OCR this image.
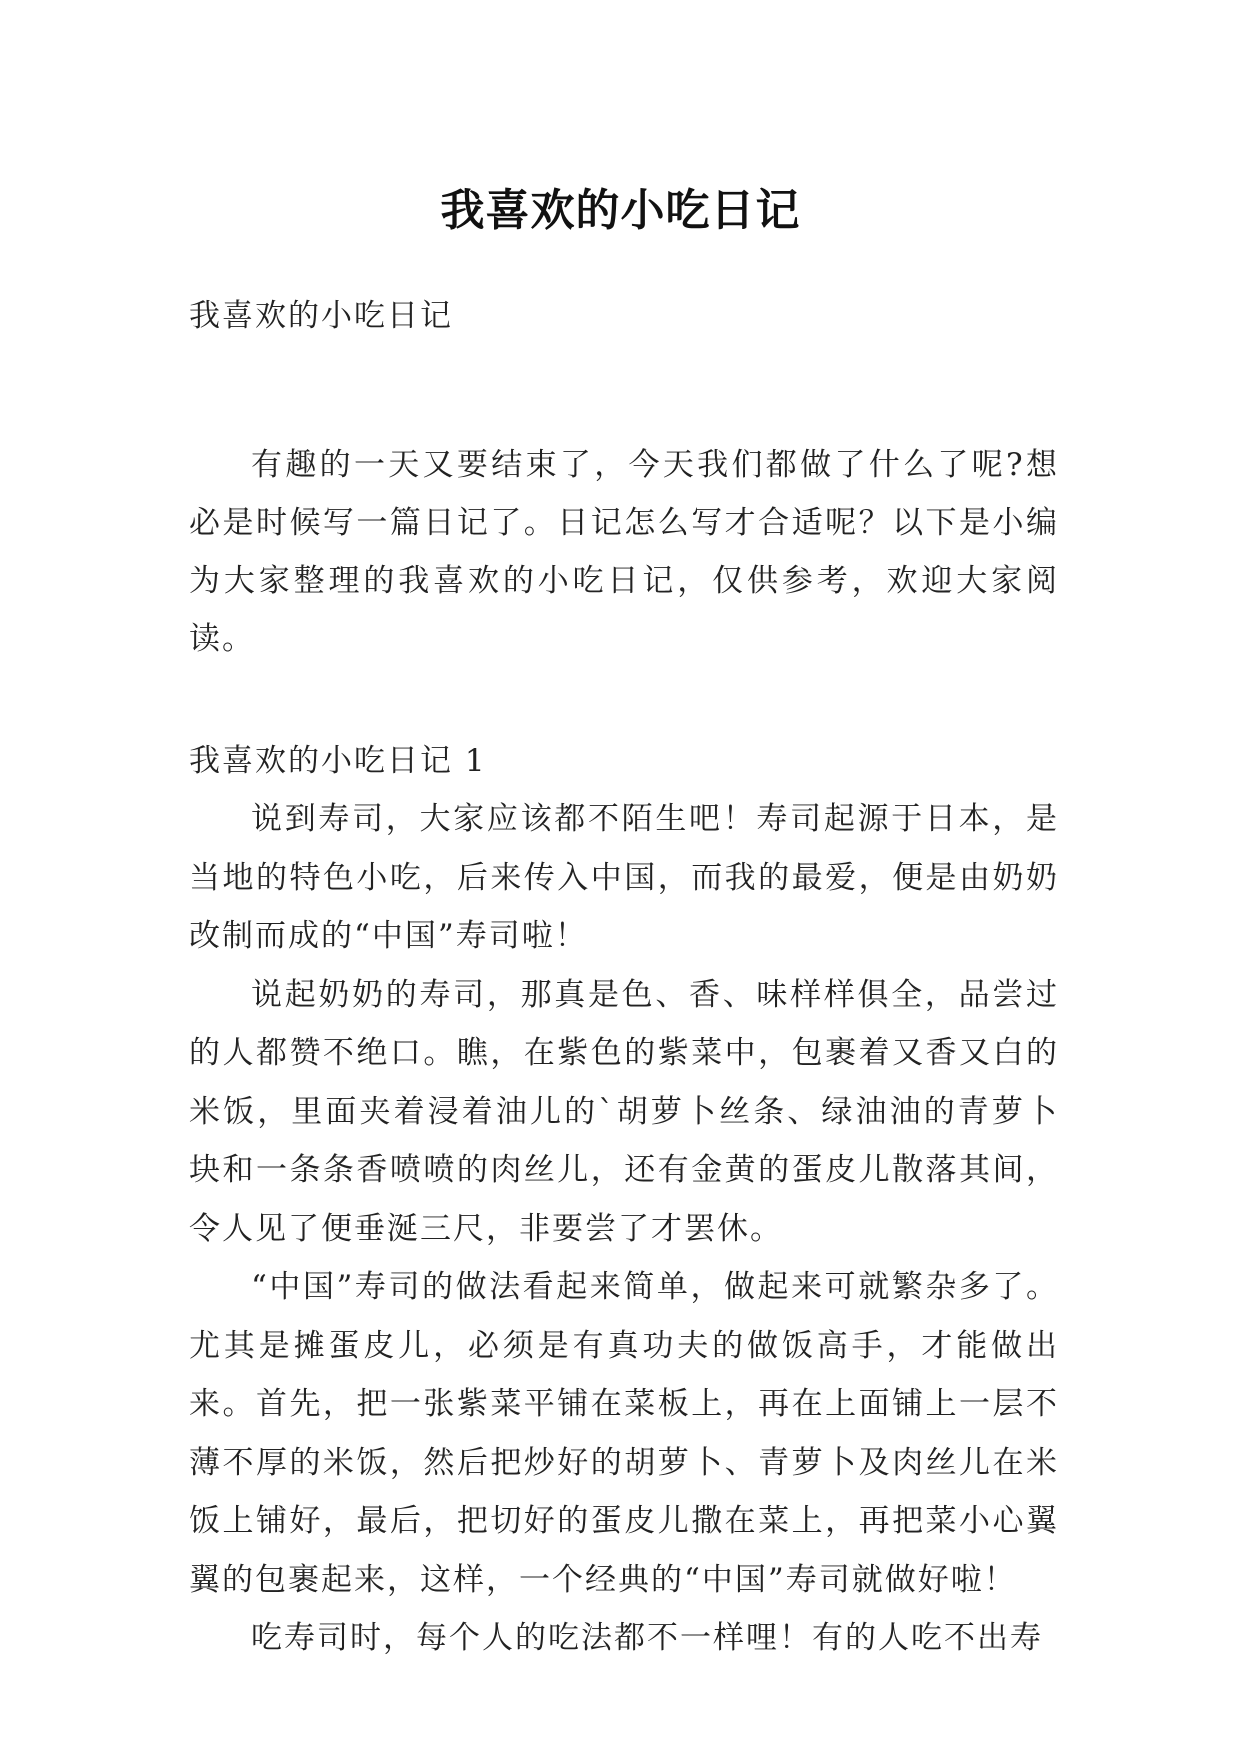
我喜欢的小吃日记

我喜欢的小吃日记

有趣的一天又要结束了，今天我们都做了什么了呢?想必是时候写一篇日记了。日记怎么写才合适呢？以下是小编为大家整理的我喜欢的小吃日记，仅供参考，欢迎大家阅读。

我喜欢的小吃日记 1

说到寿司，大家应该都不陌生吧！寿司起源于日本，是当地的特色小吃，后来传入中国，而我的最爱，便是由奶奶改制而成的“中国”寿司啦！

说起奶奶的寿司，那真是色、香、味样样俱全，品尝过的人都赞不绝口。瞧，在紫色的紫菜中，包裹着又香又白的米饭，里面夹着浸着油儿的`胡萝卜丝条、绿油油的青萝卜块和一条条香喷喷的肉丝儿，还有金黄的蛋皮儿散落其间，令人见了便垂涎三尺，非要尝了才罢休。

“中国”寿司的做法看起来简单，做起来可就繁杂多了。尤其是摊蛋皮儿，必须是有真功夫的做饭高手，才能做出来。首先，把一张紫菜平铺在菜板上，再在上面铺上一层不薄不厚的米饭，然后把炒好的胡萝卜、青萝卜及肉丝儿在米饭上铺好，最后，把切好的蛋皮儿撒在菜上，再把菜小心翼翼的包裹起来，这样，一个经典的“中国”寿司就做好啦！

吃寿司时，每个人的吃法都不一样哩！有的人吃不出寿
